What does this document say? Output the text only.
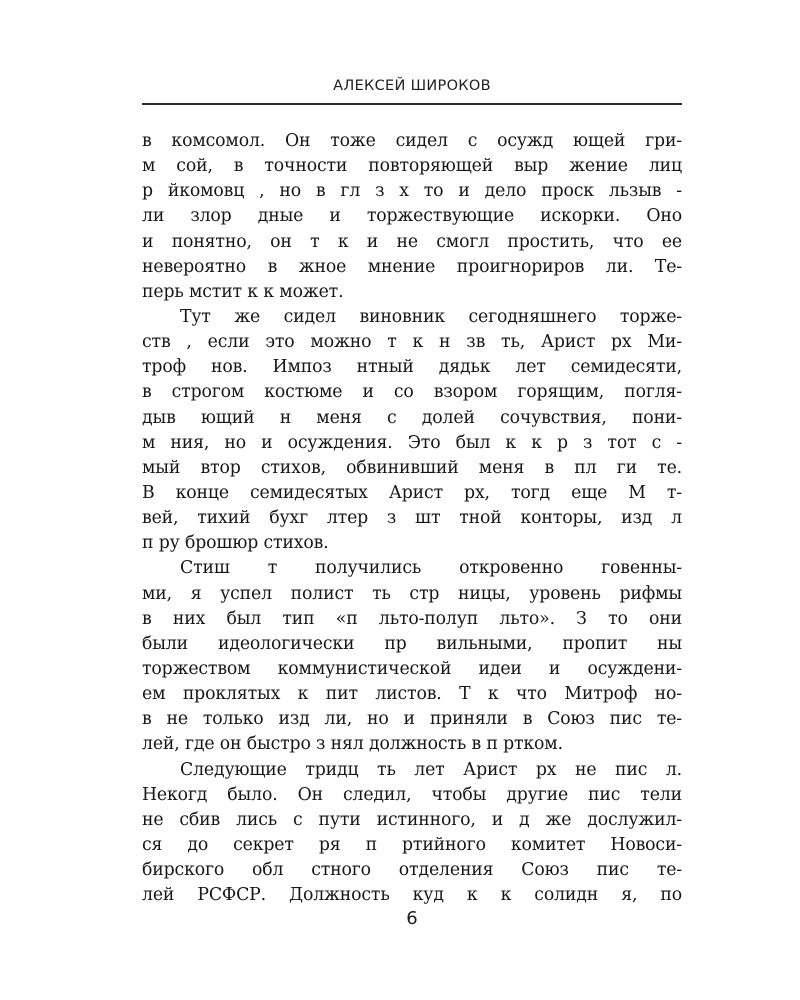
АЛЕКСЕЙ ШИРОКОВ
в комсомол. Он тоже сидел с осужд ющей гри-
м сой, в точности повторяющей выр жение лиц
р йкомовц , но в гл з х то и дело проск льзыв -
ли злор дные и торжествующие искорки. Оно
и понятно, он т к и не смогл простить, что ее
невероятно в жное мнение проигнориров ли. Те-
перь мстит к к может.
Тут же сидел виновник сегодняшнего торже-
ств , если это можно т к н зв ть, Арист рх Ми-
троф нов. Импоз нтный дядьк лет семидесяти,
в строгом костюме и со взором горящим, погля-
дыв ющий н меня с долей сочувствия, пони-
м ния, но и осуждения. Это был к к р з тот с -
мый втор стихов, обвинивший меня в пл ги те.
В конце семидесятых Арист рх, тогд еще М т-
вей, тихий бухг лтер з шт тной конторы, изд л
п ру брошюр стихов.
Стиш т получились откровенно говенны-
ми, я успел полист ть стр ницы, уровень рифмы
в них был тип «п льто-полуп льто». З то они
были идеологически пр вильными, пропит ны
торжеством коммунистической идеи и осуждени-
ем проклятых к пит листов. Т к что Митроф но-
в не только изд ли, но и приняли в Союз пис те-
лей, где он быстро з нял должность в п ртком.
Следующие тридц ть лет Арист рх не пис л.
Некогд было. Он следил, чтобы другие пис тели
не сбив лись с пути истинного, и д же дослужил-
ся до секрет ря п ртийного комитет Новоси-
бирского обл стного отделения Союз пис те-
лей РСФСР. Должность куд к к солидн я, по
6
